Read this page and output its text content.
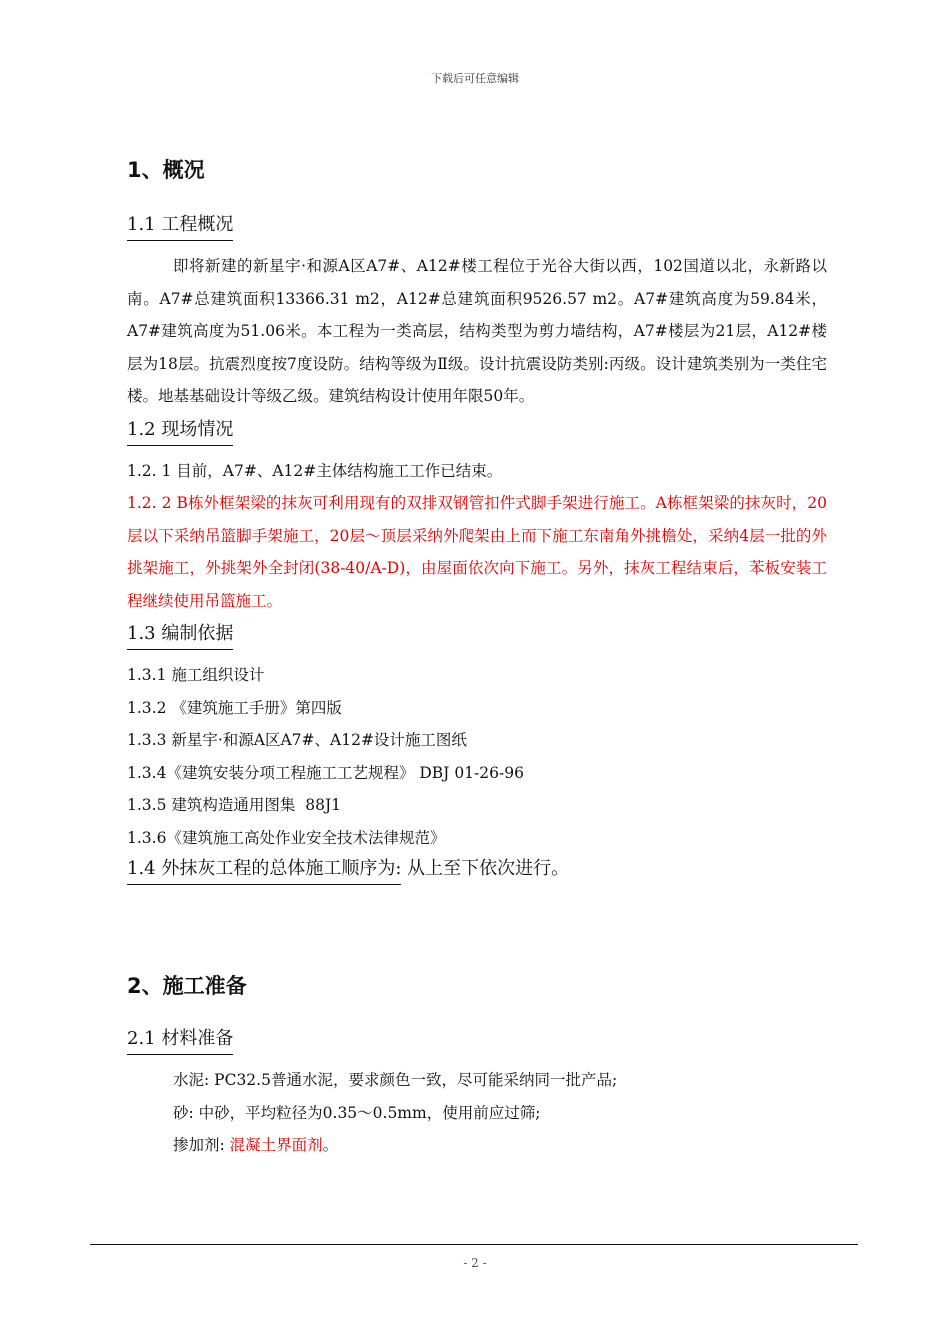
下载后可任意编辑
1、概况
1.1 工程概况

即将新建的新星宇·和源A区A7#、A12#楼工程位于光谷大街以西，102国道以北，永新路以南。A7#总建筑面积13366.31 m2，A12#总建筑面积9526.57 m2。A7#建筑高度为59.84米，A7#建筑高度为51.06米。本工程为一类高层，结构类型为剪力墙结构，A7#楼层为21层，A12#楼层为18层。抗震烈度按7度设防。结构等级为Ⅱ级。设计抗震设防类别:丙级。设计建筑类别为一类住宅楼。地基基础设计等级乙级。建筑结构设计使用年限50年。

1.2 现场情况

1.2. 1 目前，A7#、A12#主体结构施工工作已结束。

1.2. 2 B栋外框架梁的抹灰可利用现有的双排双钢管扣件式脚手架进行施工。A栋框架梁的抹灰时，20层以下采纳吊篮脚手架施工，20层～顶层采纳外爬架由上而下施工东南角外挑檐处，采纳4层一批的外挑架施工，外挑架外全封闭(38-40/A-D)，由屋面依次向下施工。另外，抹灰工程结束后，苯板安装工程继续使用吊篮施工。

1.3 编制依据
1.3.1 施工组织设计
1.3.2 《建筑施工手册》第四版
1.3.3 新星宇·和源A区A7#、A12#设计施工图纸
1.3.4《建筑安装分项工程施工工艺规程》 DBJ 01-26-96
1.3.5 建筑构造通用图集  88J1
1.3.6《建筑施工高处作业安全技术法律规范》
1.4 外抹灰工程的总体施工顺序为: 从上至下依次进行。
2、施工准备
2.1 材料准备
水泥: PC32.5普通水泥，要求颜色一致，尽可能采纳同一批产品;
砂: 中砂，平均粒径为0.35～0.5mm，使用前应过筛;
掺加剂: 混凝土界面剂。
- 2 -
